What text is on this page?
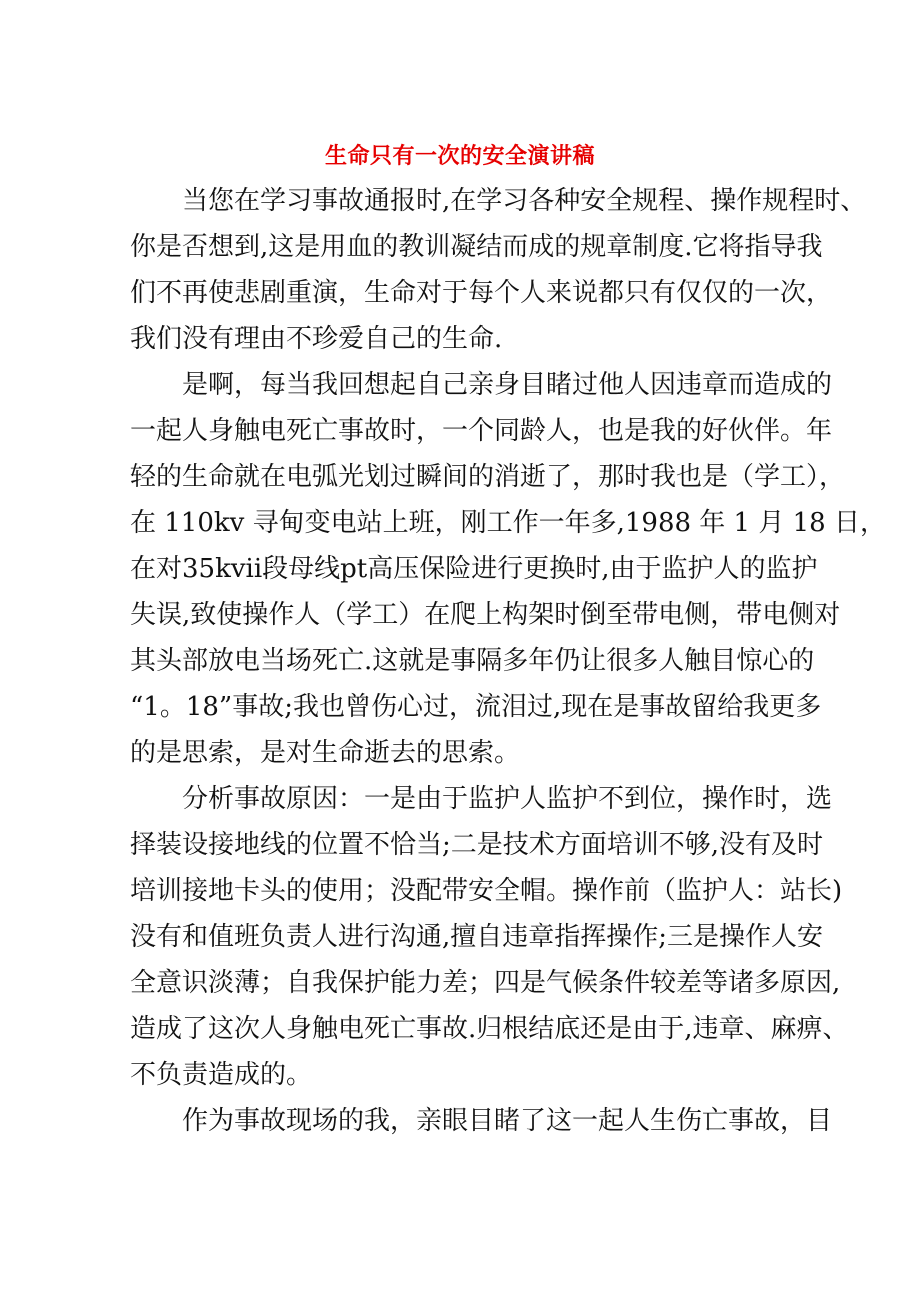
生命只有一次的安全演讲稿
当您在学习事故通报时,在学习各种安全规程、操作规程时、
你是否想到,这是用血的教训凝结而成的规章制度.它将指导我
们不再使悲剧重演，生命对于每个人来说都只有仅仅的一次，
我们没有理由不珍爱自己的生命.
是啊，每当我回想起自己亲身目睹过他人因违章而造成的
一起人身触电死亡事故时，一个同龄人，也是我的好伙伴。年
轻的生命就在电弧光划过瞬间的消逝了，那时我也是（学工），
在 110kv 寻甸变电站上班，刚工作一年多,1988 年 1 月 18 日，
在对35kvii段母线pt高压保险进行更换时,由于监护人的监护
失误,致使操作人（学工）在爬上构架时倒至带电侧，带电侧对
其头部放电当场死亡.这就是事隔多年仍让很多人触目惊心的
“1。18”事故;我也曾伤心过，流泪过,现在是事故留给我更多
的是思索，是对生命逝去的思索。
分析事故原因：一是由于监护人监护不到位，操作时，选
择装设接地线的位置不恰当;二是技术方面培训不够,没有及时
培训接地卡头的使用；没配带安全帽。操作前（监护人：站长)
没有和值班负责人进行沟通,擅自违章指挥操作;三是操作人安
全意识淡薄；自我保护能力差；四是气候条件较差等诸多原因,
造成了这次人身触电死亡事故.归根结底还是由于,违章、麻痹、
不负责造成的。
作为事故现场的我，亲眼目睹了这一起人生伤亡事故，目
